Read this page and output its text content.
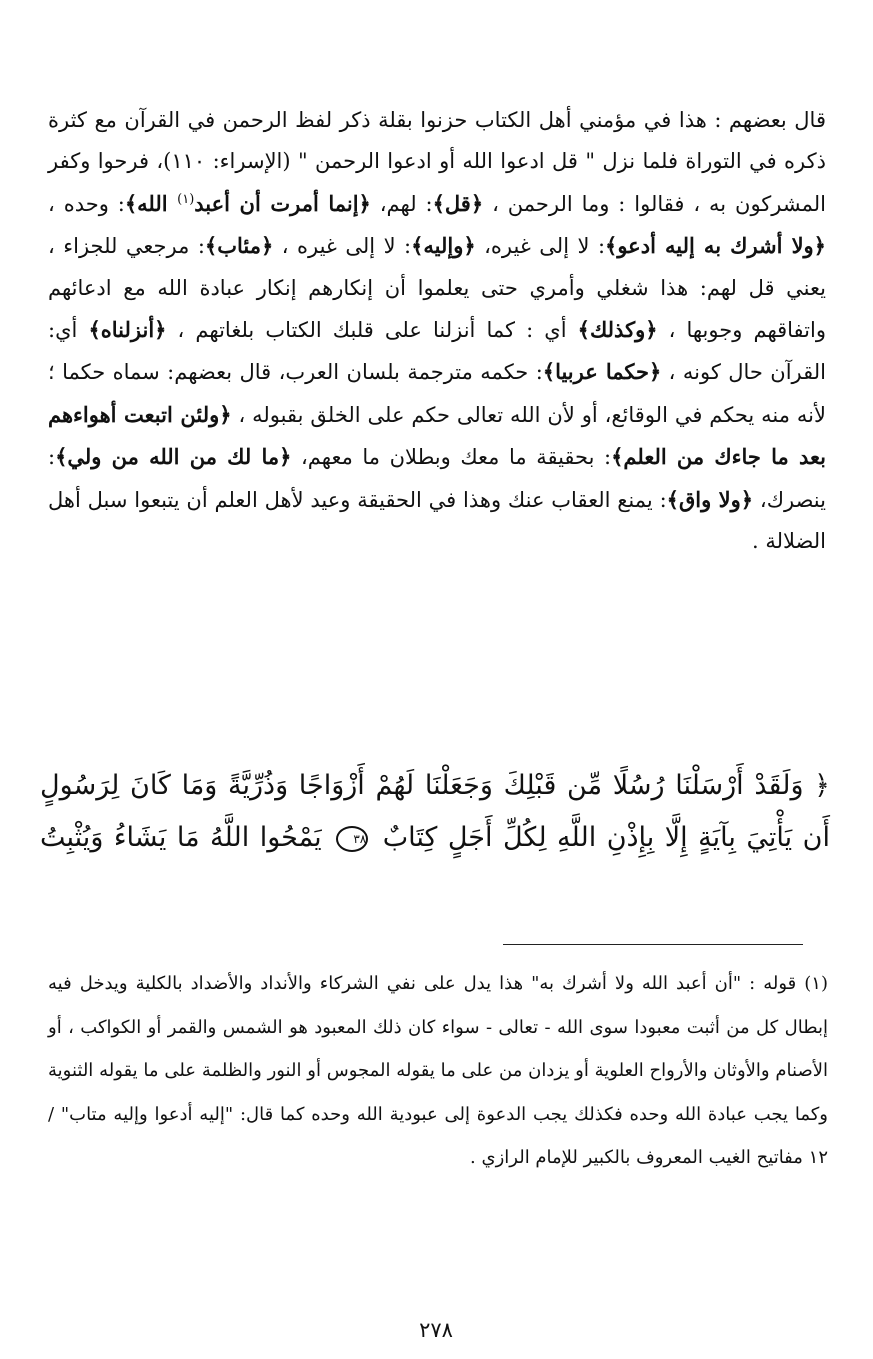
قال بعضهم : هذا في مؤمني أهل الكتاب حزنوا بقلة ذكر لفظ الرحمن في القرآن مع كثرة ذكره في التوراة فلما نزل " قل ادعوا الله أو ادعوا الرحمن " (الإسراء: ١١٠)، فرحوا وكفر المشركون به ، فقالوا : وما الرحمن ، ﴿قل﴾: لهم، ﴿إنما أمرت أن أعبد$^{(١)}$ الله﴾: وحده ، ﴿ولا أشرك به إليه أدعو﴾: لا إلى غيره، ﴿وإليه﴾: لا إلى غيره ، ﴿مئاب﴾: مرجعي للجزاء ، يعني قل لهم: هذا شغلي وأمري حتى يعلموا أن إنكارهم إنكار عبادة الله مع ادعائهم واتفاقهم وجوبها ، ﴿وكذلك﴾ أي : كما أنزلنا على قلبك الكتاب بلغاتهم ، ﴿أنزلناه﴾ أي: القرآن حال كونه ، ﴿حكما عربيا﴾: حكمه مترجمة بلسان العرب، قال بعضهم: سماه حكما ؛ لأنه منه يحكم في الوقائع، أو لأن الله تعالى حكم على الخلق بقبوله ، ﴿ولئن اتبعت أهواءهم بعد ما جاءك من العلم﴾: بحقيقة ما معك وبطلان ما معهم، ﴿ما لك من الله من ولي﴾: ينصرك، ﴿ولا واق﴾: يمنع العقاب عنك وهذا في الحقيقة وعيد لأهل العلم أن يتبعوا سبل أهل الضلالة .

﴿ وَلَقَدْ أَرْسَلْنَا رُسُلًا مِّن قَبْلِكَ وَجَعَلْنَا لَهُمْ أَزْوَاجًا وَذُرِّيَّةً وَمَا كَانَ لِرَسُولٍ أَن يَأْتِيَ بِآيَةٍ إِلَّا بِإِذْنِ اللَّهِ لِكُلِّ أَجَلٍ كِتَابٌ ٣٨ يَمْحُوا اللَّهُ مَا يَشَاءُ وَيُثْبِتُ

(١)قوله : "أن أعبد الله ولا أشرك به" هذا يدل على نفي الشركاء والأنداد والأضداد بالكلية ويدخل فيه إبطال كل من أثبت معبودا سوى الله - تعالى - سواء كان ذلك المعبود هو الشمس والقمر أو الكواكب ، أو الأصنام والأوثان والأرواح العلوية أو يزدان من على ما يقوله المجوس أو النور والظلمة على ما يقوله الثنوية وكما يجب عبادة الله وحده فكذلك يجب الدعوة إلى عبودية الله وحده كما قال: "إليه أدعوا وإليه متاب" / ١٢ مفاتيح الغيب المعروف بالكبير للإمام الرازي .

٢٧٨
